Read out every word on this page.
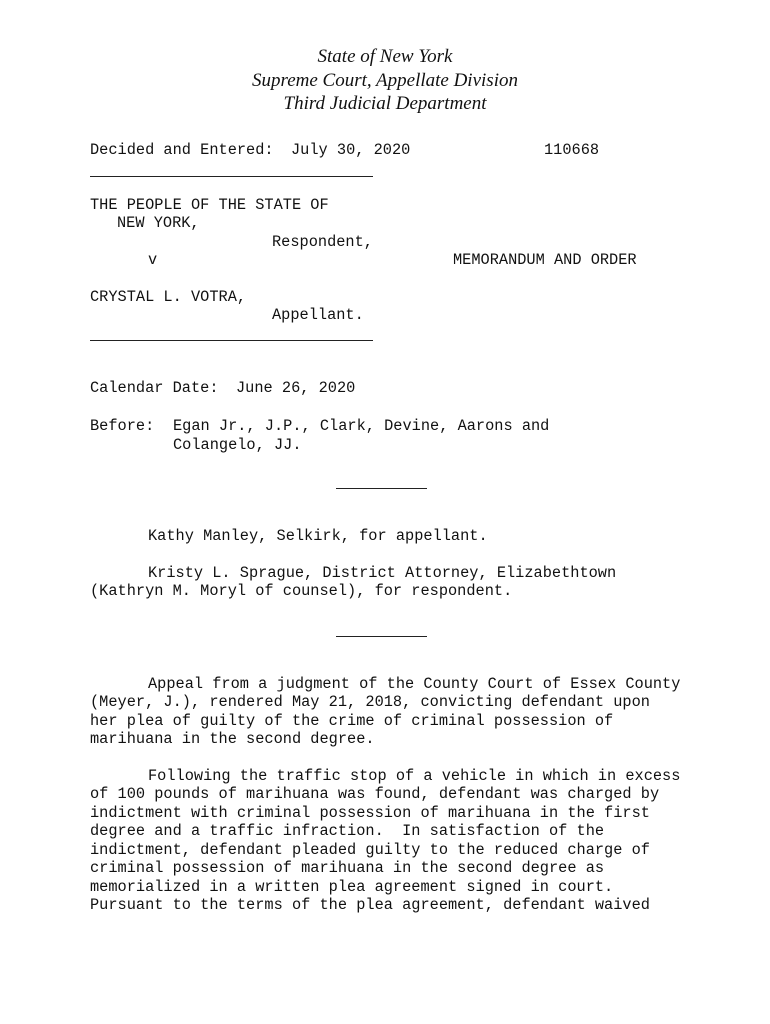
State of New York
Supreme Court, Appellate Division
Third Judicial Department
Decided and Entered: July 30, 2020	110668
THE PEOPLE OF THE STATE OF
NEW YORK,
Respondent,
v	MEMORANDUM AND ORDER
CRYSTAL L. VOTRA,
Appellant.
Calendar Date: June 26, 2020
Before: Egan Jr., J.P., Clark, Devine, Aarons and
Colangelo, JJ.
Kathy Manley, Selkirk, for appellant.
Kristy L. Sprague, District Attorney, Elizabethtown
(Kathryn M. Moryl of counsel), for respondent.
Appeal from a judgment of the County Court of Essex County
(Meyer, J.), rendered May 21, 2018, convicting defendant upon
her plea of guilty of the crime of criminal possession of
marihuana in the second degree.
Following the traffic stop of a vehicle in which in excess
of 100 pounds of marihuana was found, defendant was charged by
indictment with criminal possession of marihuana in the first
degree and a traffic infraction.  In satisfaction of the
indictment, defendant pleaded guilty to the reduced charge of
criminal possession of marihuana in the second degree as
memorialized in a written plea agreement signed in court.
Pursuant to the terms of the plea agreement, defendant waived
